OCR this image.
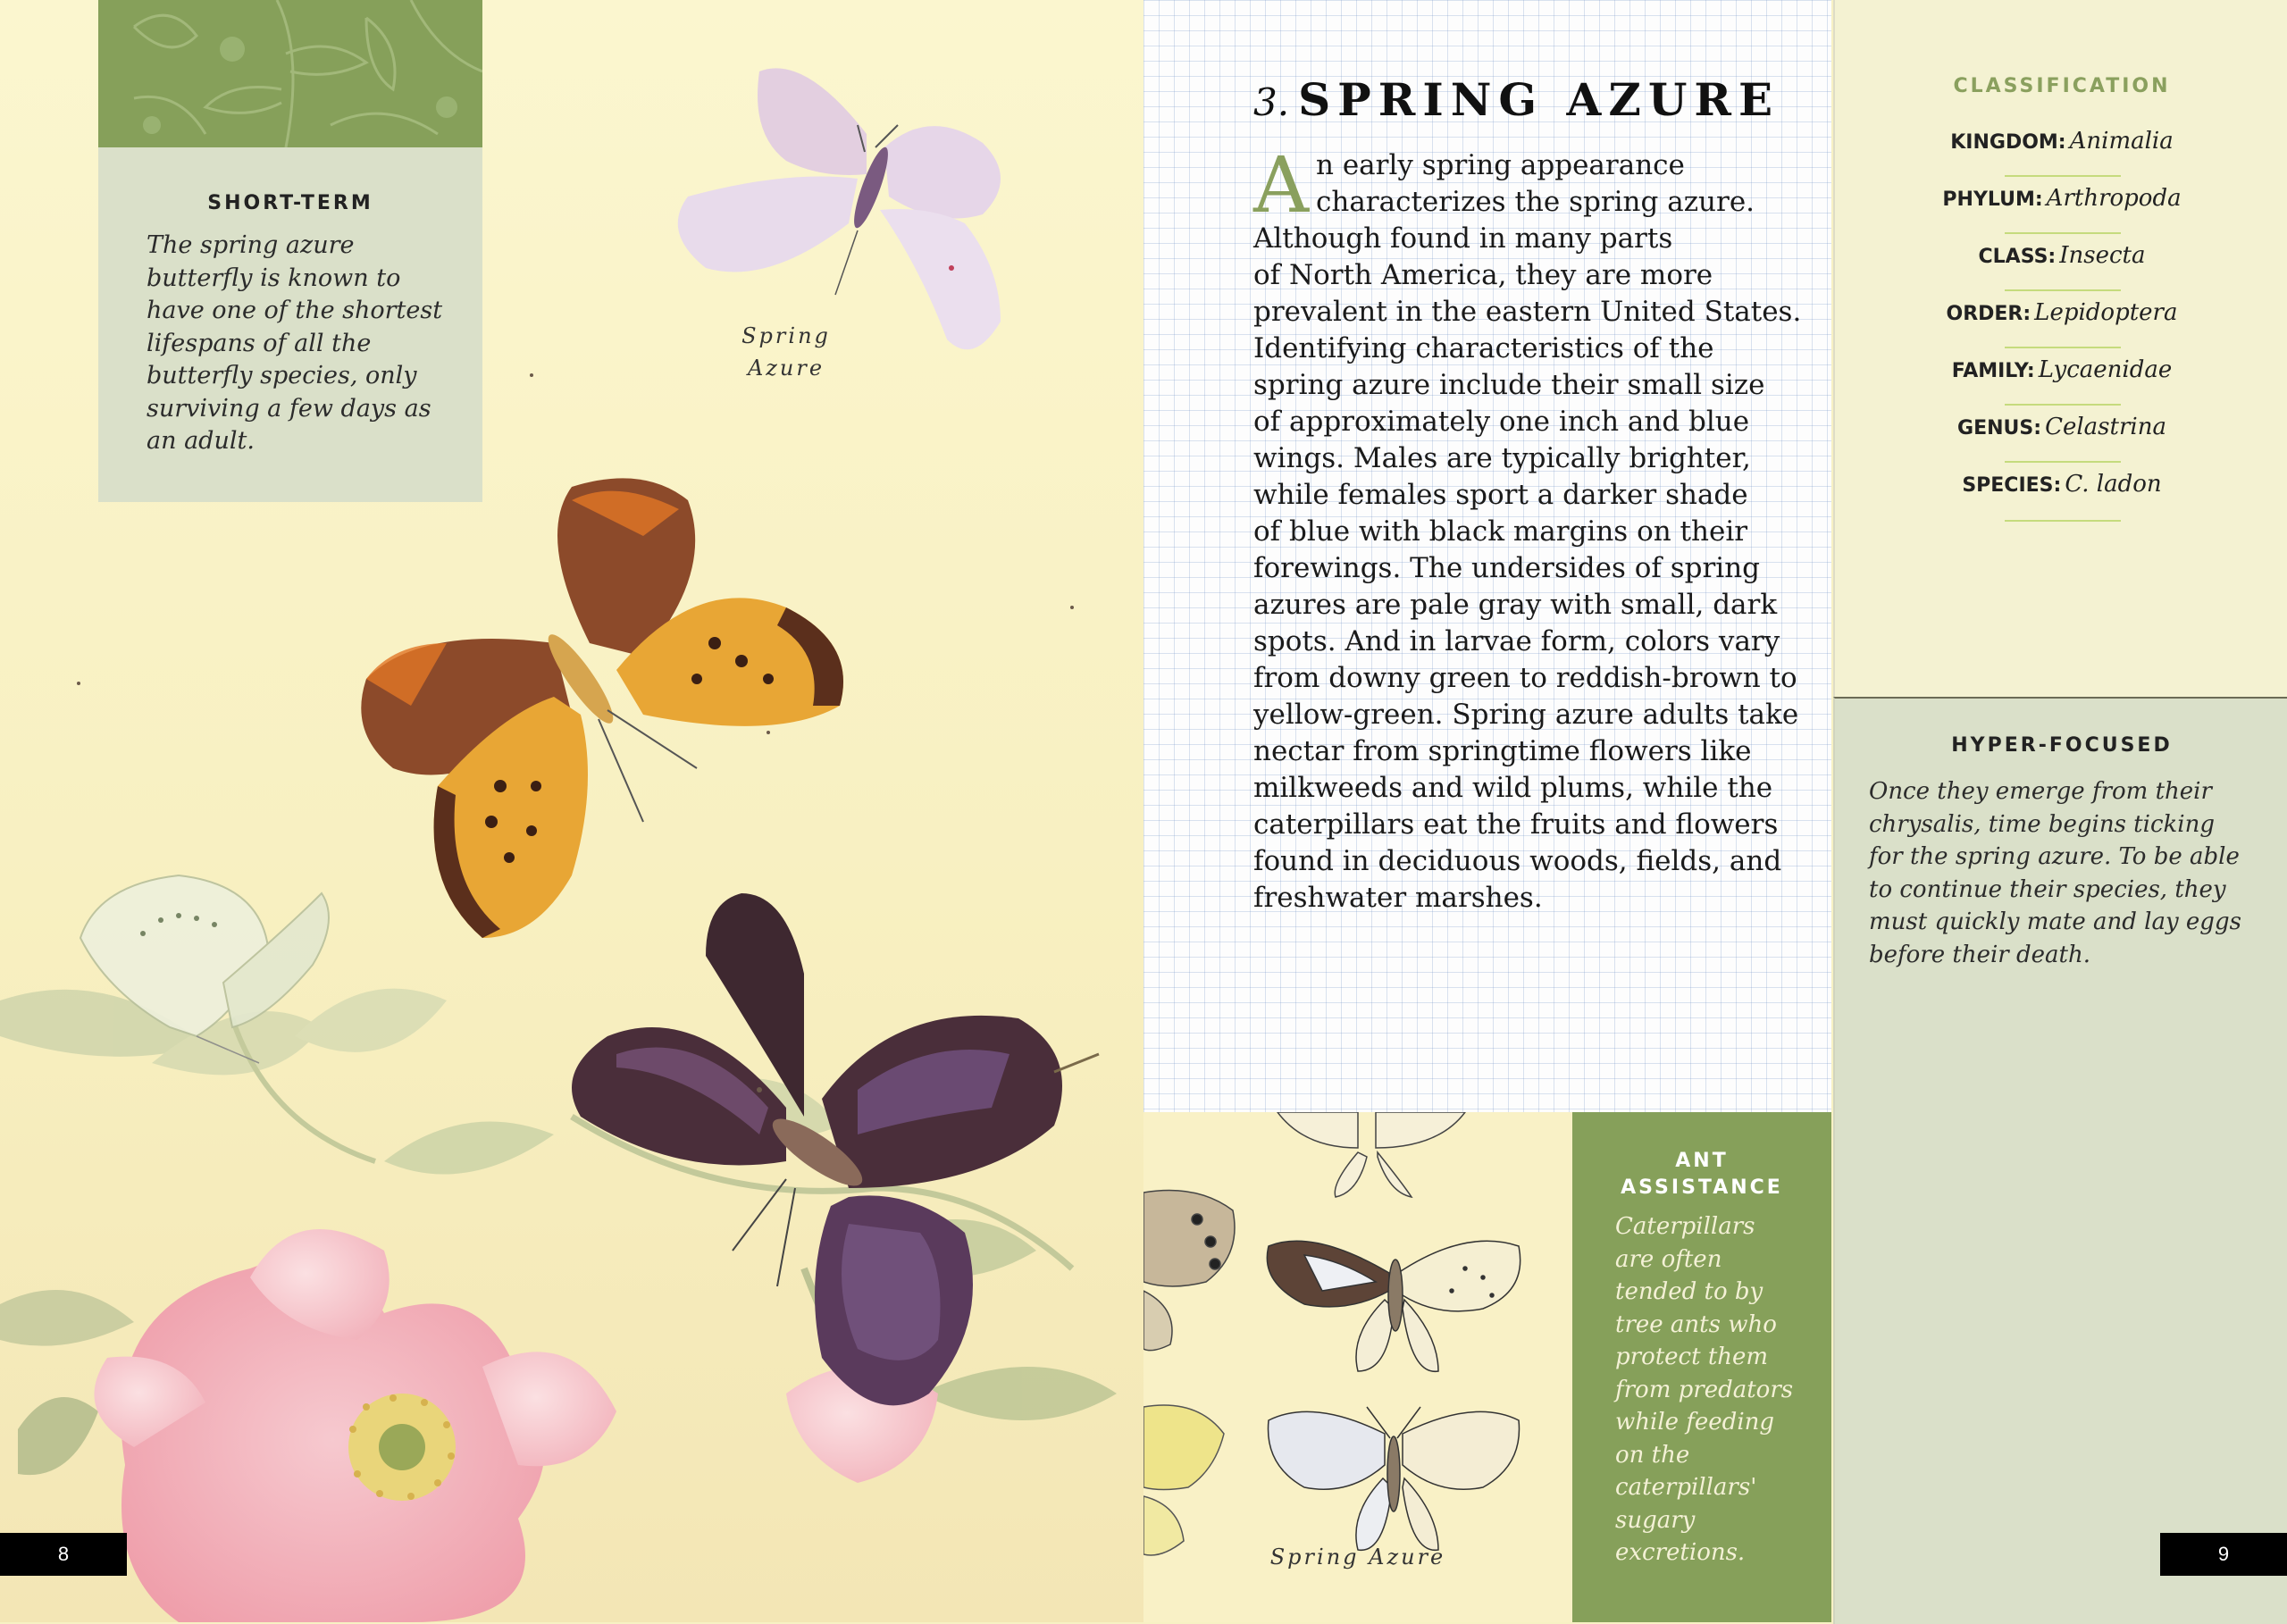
SHORT-TERM
The spring azure
butterfly is known to
have one of the shortest
lifespans of all the
butterfly species, only
surviving a few days as
an adult.
Spring
Azure
8
3. SPRING AZURE
A n early spring appearance
characterizes the spring azure.
Although found in many parts
of North America, they are more
prevalent in the eastern United States.
Identifying characteristics of the
spring azure include their small size
of approximately one inch and blue
wings. Males are typically brighter,
while females sport a darker shade
of blue with black margins on their
forewings. The undersides of spring
azures are pale gray with small, dark
spots. And in larvae form, colors vary
from downy green to reddish-brown to
yellow-green. Spring azure adults take
nectar from springtime flowers like
milkweeds and wild plums, while the
caterpillars eat the fruits and flowers
found in deciduous woods, fields, and
freshwater marshes.
Spring Azure
ANT
ASSISTANCE
Caterpillars
are often
tended to by
tree ants who
protect them
from predators
while feeding
on the
caterpillars'
sugary
excretions.
CLASSIFICATION
KINGDOM: Animalia
PHYLUM: Arthropoda
CLASS: Insecta
ORDER: Lepidoptera
FAMILY: Lycaenidae
GENUS: Celastrina
SPECIES: C. ladon
HYPER-FOCUSED
Once they emerge from their
chrysalis, time begins ticking
for the spring azure. To be able
to continue their species, they
must quickly mate and lay eggs
before their death.
9
